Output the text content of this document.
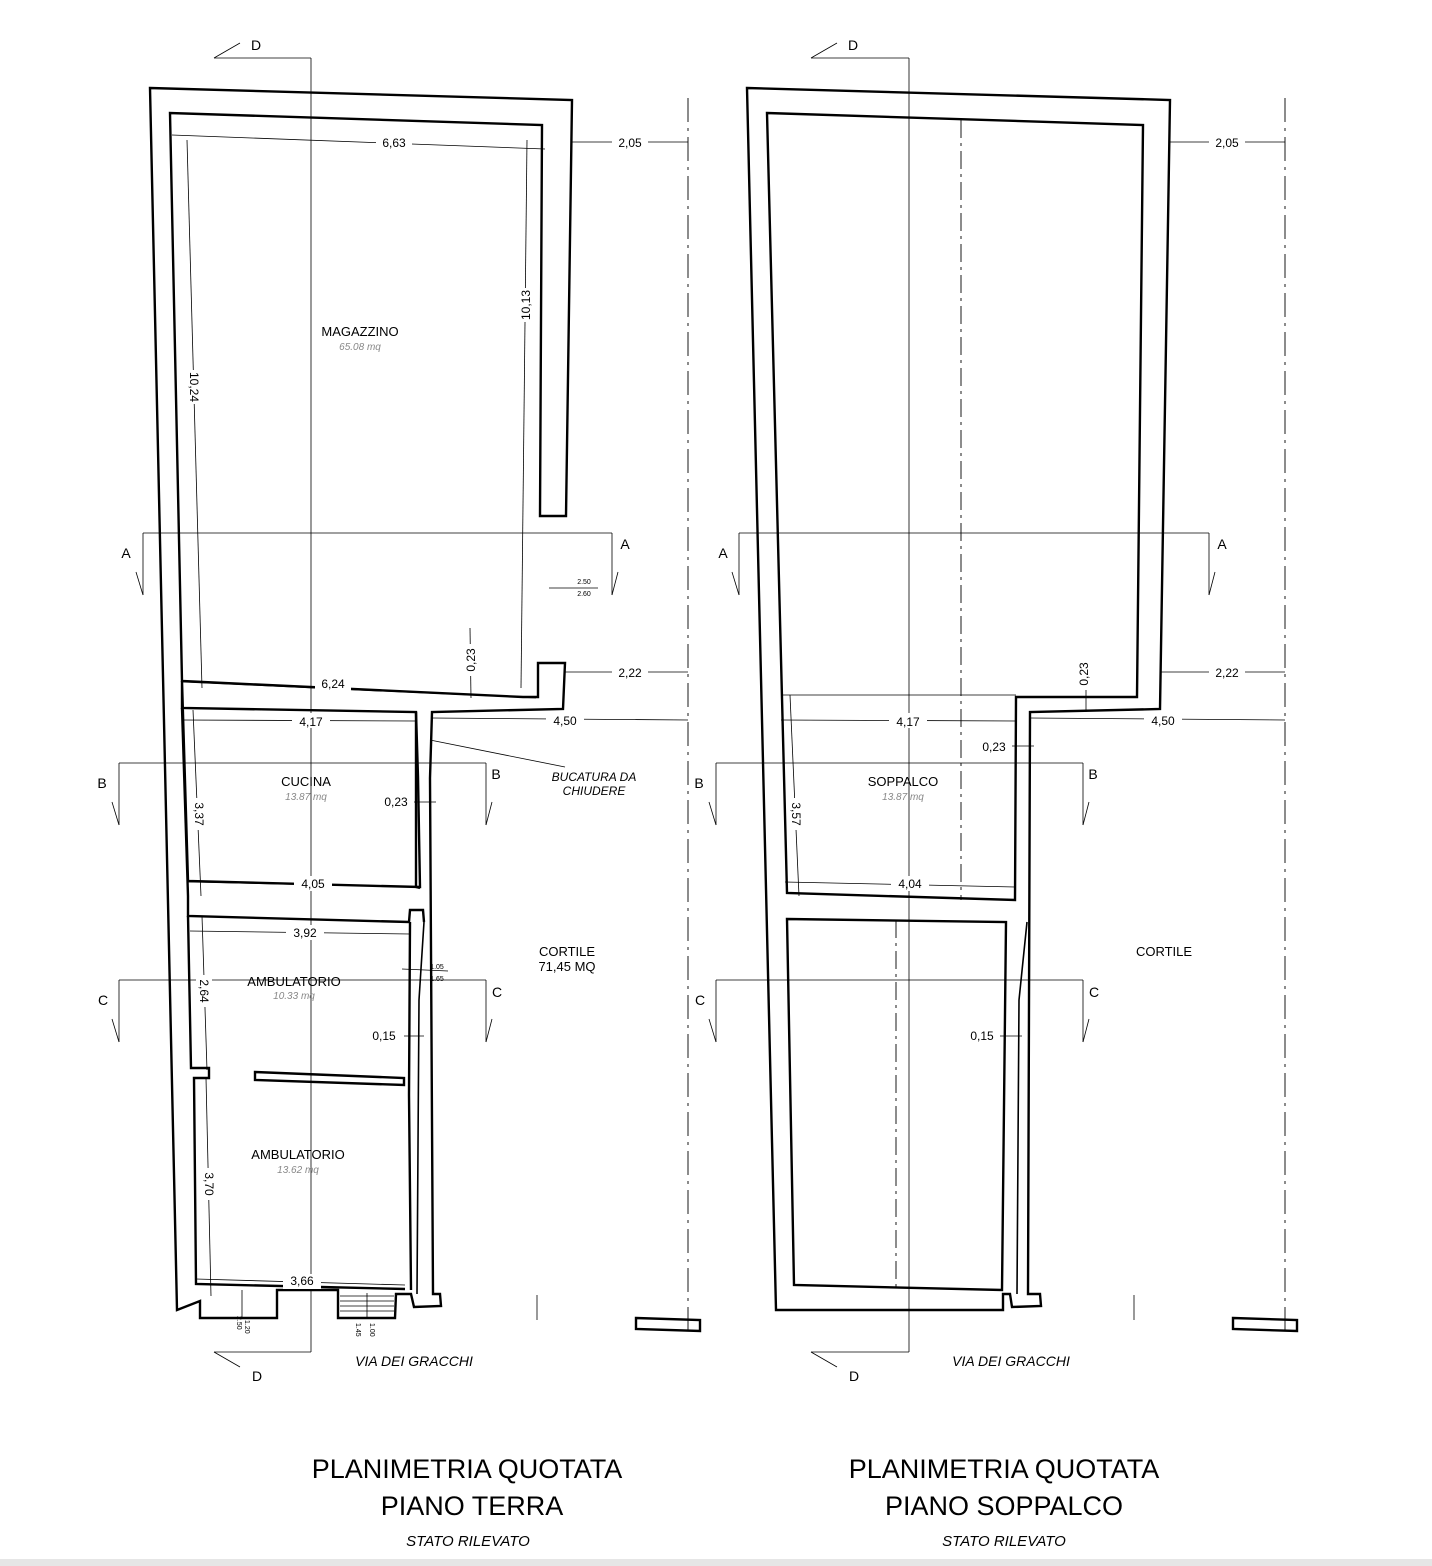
D
D
A
A
B
B
C	C
6,63
10,24
10,13
2,05
6,24
0,23
2,22
4,17	4,50
3,37
0,23
4,05
3,92
2,64
0,15
3,70
3,66
2.50
2.60
1.05
1.65
2.50 1.20	1.45 1.00
MAGAZZINO
65.08 mq
CUCINA
13.87 mq
AMBULATORIO
10.33 mq
AMBULATORIO
13.62 mq
CORTILE
71,45 MQ
BUCATURA DA
CHIUDERE
VIA DEI GRACCHI
D
D
A
A
B
B
C	C
2,05
0,23	2,22
4,17	4,50
0,23
3,57
4,04
0,15
SOPPALCO
13.87 mq
CORTILE
VIA DEI GRACCHI
PLANIMETRIA QUOTATA
PIANO TERRA
STATO RILEVATO
PLANIMETRIA QUOTATA
PIANO SOPPALCO
STATO RILEVATO
